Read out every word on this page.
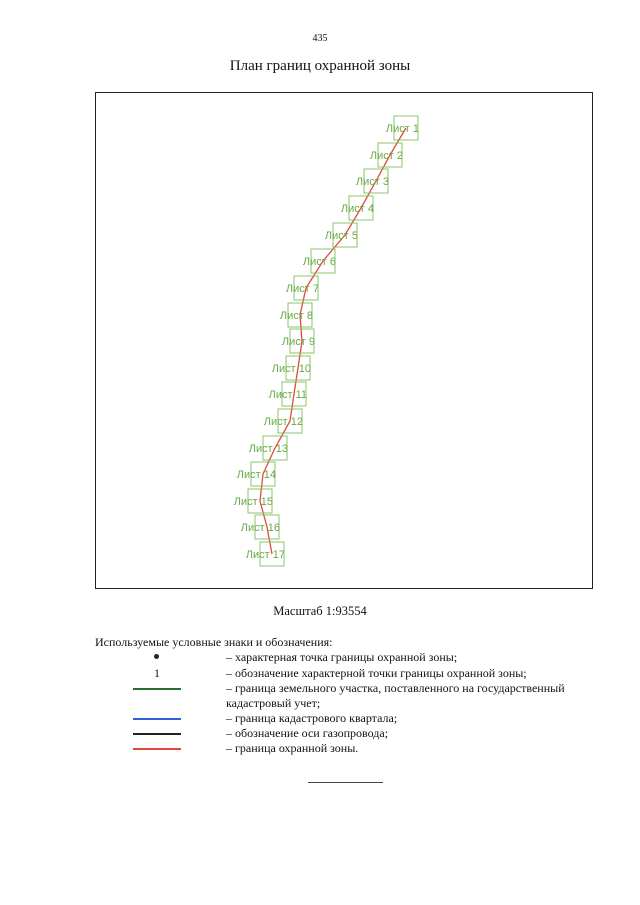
435
План границ охранной зоны
Лист 1
Лист 2
Лист 3
Лист 4
Лист 5
Лист 6
Лист 7
Лист 8
Лист 9
Лист 10
Лист 11
Лист 12
Лист 13
Лист 14
Лист 15
Лист 16
Лист 17
Масштаб 1:93554
Используемые условные знаки и обозначения:
– характерная точка границы охранной зоны;
1	– обозначение характерной точки границы охранной зоны;
– граница земельного участка, поставленного на государственный кадастровый учет;
– граница кадастрового квартала;
– обозначение оси газопровода;
– граница охранной зоны.
